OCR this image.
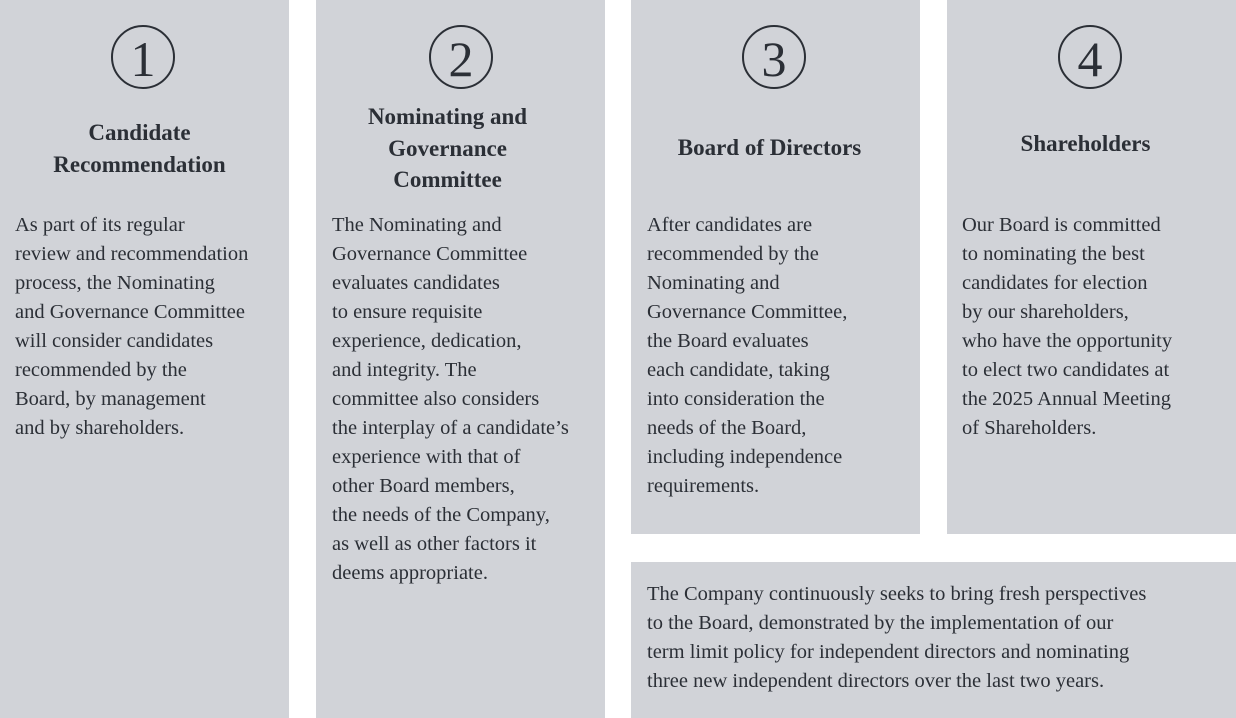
1
Candidate
Recommendation
As part of its regular
review and recommendation
process, the Nominating
and Governance Committee
will consider candidates
recommended by the
Board, by management
and by shareholders.
2
Nominating and
Governance
Committee
The Nominating and
Governance Committee
evaluates candidates
to ensure requisite
experience, dedication,
and integrity. The
committee also considers
the interplay of a candidate’s
experience with that of
other Board members,
the needs of the Company,
as well as other factors it
deems appropriate.
3
Board of Directors
After candidates are
recommended by the
Nominating and
Governance Committee,
the Board evaluates
each candidate, taking
into consideration the
needs of the Board,
including independence
requirements.
4
Shareholders
Our Board is committed
to nominating the best
candidates for election
by our shareholders,
who have the opportunity
to elect two candidates at
the 2025 Annual Meeting
of Shareholders.
The Company continuously seeks to bring fresh perspectives
to the Board, demonstrated by the implementation of our
term limit policy for independent directors and nominating
three new independent directors over the last two years.
